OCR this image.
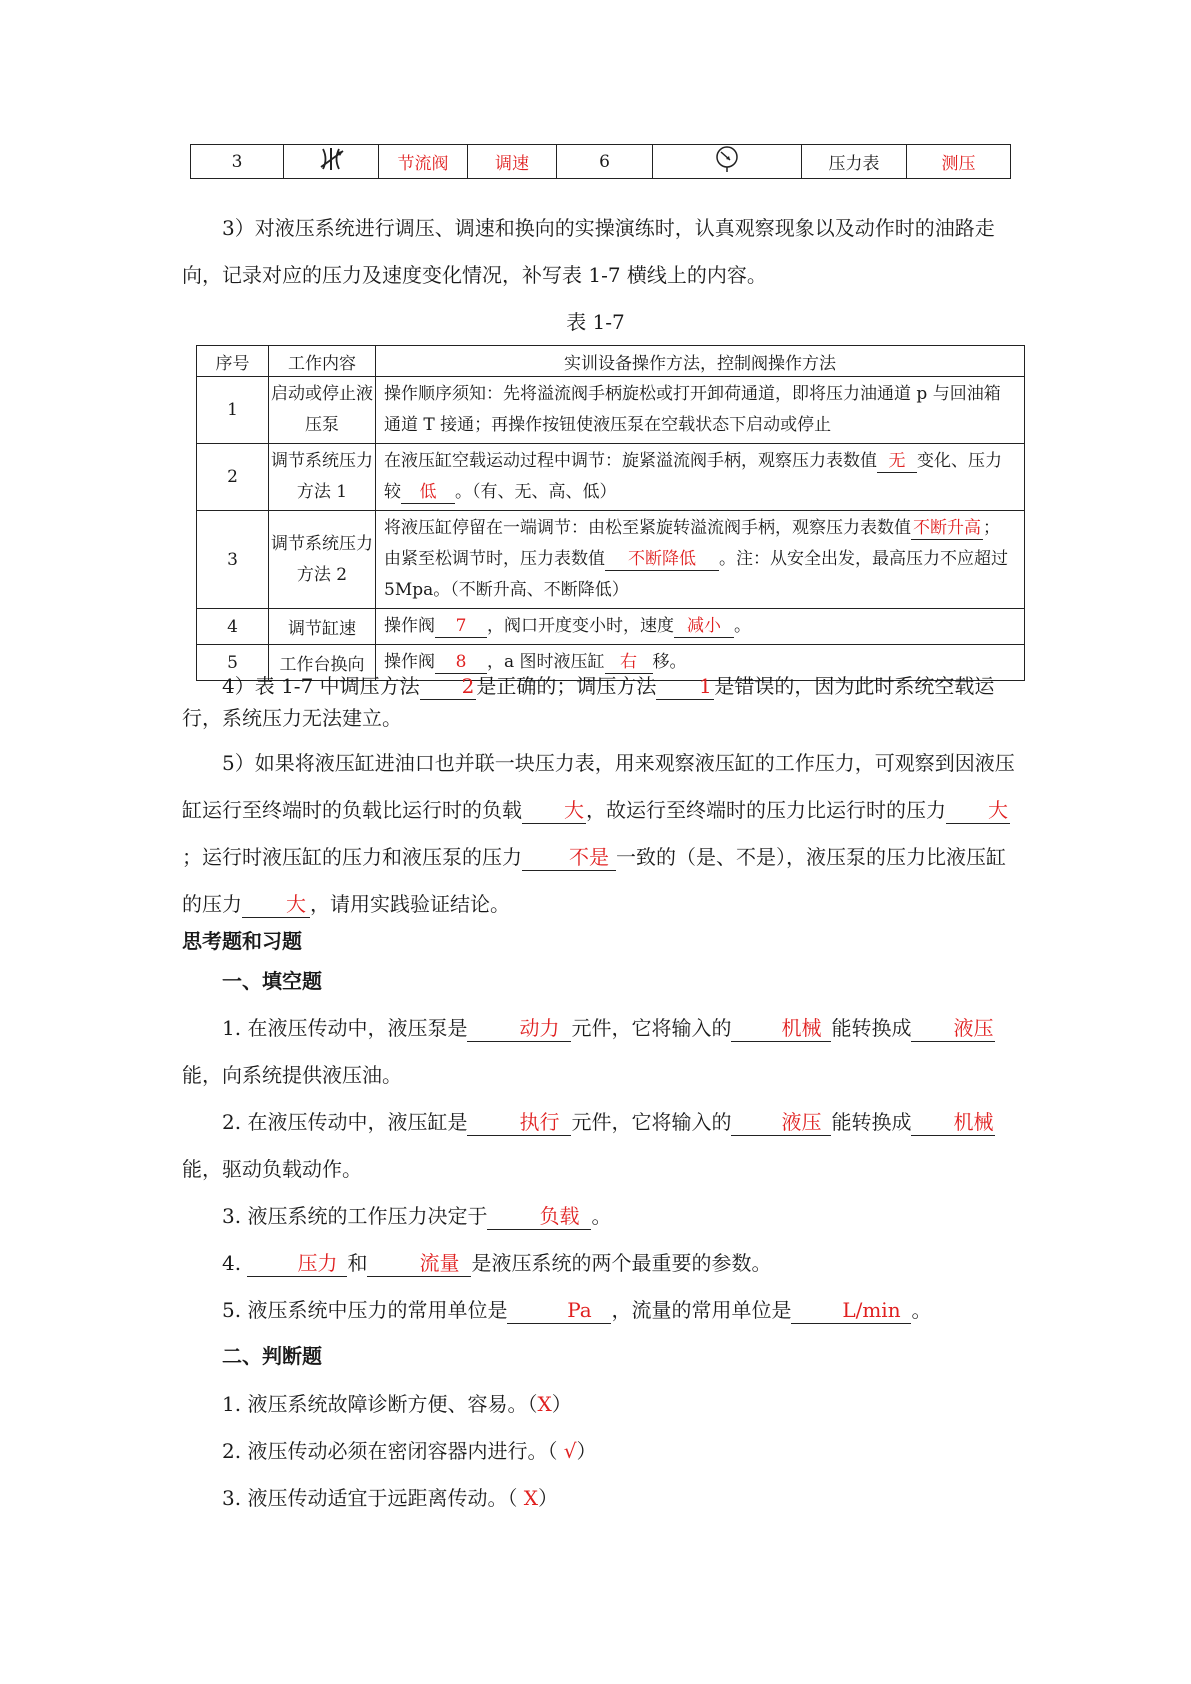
3		节流阀	调速	6		压力表	测压
3）对液压系统进行调压、调速和换向的实操演练时，认真观察现象以及动作时的油路走向，记录对应的压力及速度变化情况，补写表 1-7 横线上的内容。
表 1-7
序号	工作内容	实训设备操作方法，控制阀操作方法
1	启动或停止液压泵	操作顺序须知：先将溢流阀手柄旋松或打开卸荷通道，即将压力油通道 p 与回油箱通道 T 接通；再操作按钮使液压泵在空载状态下启动或停止
2	调节系统压力方法 1	在液压缸空载运动过程中调节：旋紧溢流阀手柄，观察压力表数值 无 变化、压力较 低 。（有、无、高、低）
3	调节系统压力方法 2	将液压缸停留在一端调节：由松至紧旋转溢流阀手柄，观察压力表数值 不断升高 ；由紧至松调节时，压力表数值 不断降低 。注：从安全出发，最高压力不应超过 5Mpa。（不断升高、不断降低）
4	调节缸速	操作阀 7 ，阀口开度变小时，速度 减小 。
5	工作台换向	操作阀 8 ，a 图时液压缸 右 移。
4）表 1-7 中调压方法 2 是正确的；调压方法 1 是错误的，因为此时系统空载运行，系统压力无法建立。
5）如果将液压缸进油口也并联一块压力表，用来观察液压缸的工作压力，可观察到因液压缸运行至终端时的负载比运行时的负载 大 ，故运行至终端时的压力比运行时的压力 大；运行时液压缸的压力和液压泵的压力 不是 一致的（是、不是），液压泵的压力比液压缸的压力 大 ，请用实践验证结论。
思考题和习题
一、填空题
1. 在液压传动中，液压泵是	动力 元件，它将输入的	机械 能转换成 液压能，向系统提供液压油。
2. 在液压传动中，液压缸是	执行 元件，它将输入的	液压 能转换成 机械能，驱动负载动作。
3. 液压系统的工作压力决定于	负载 。
4.	压力 和	流量 是液压系统的两个最重要的参数。
5. 液压系统中压力的常用单位是	Pa ，流量的常用单位是	L/min 。
二、判断题
1. 液压系统故障诊断方便、容易。（X）
2. 液压传动必须在密闭容器内进行。（ √）
3. 液压传动适宜于远距离传动。（ X）
